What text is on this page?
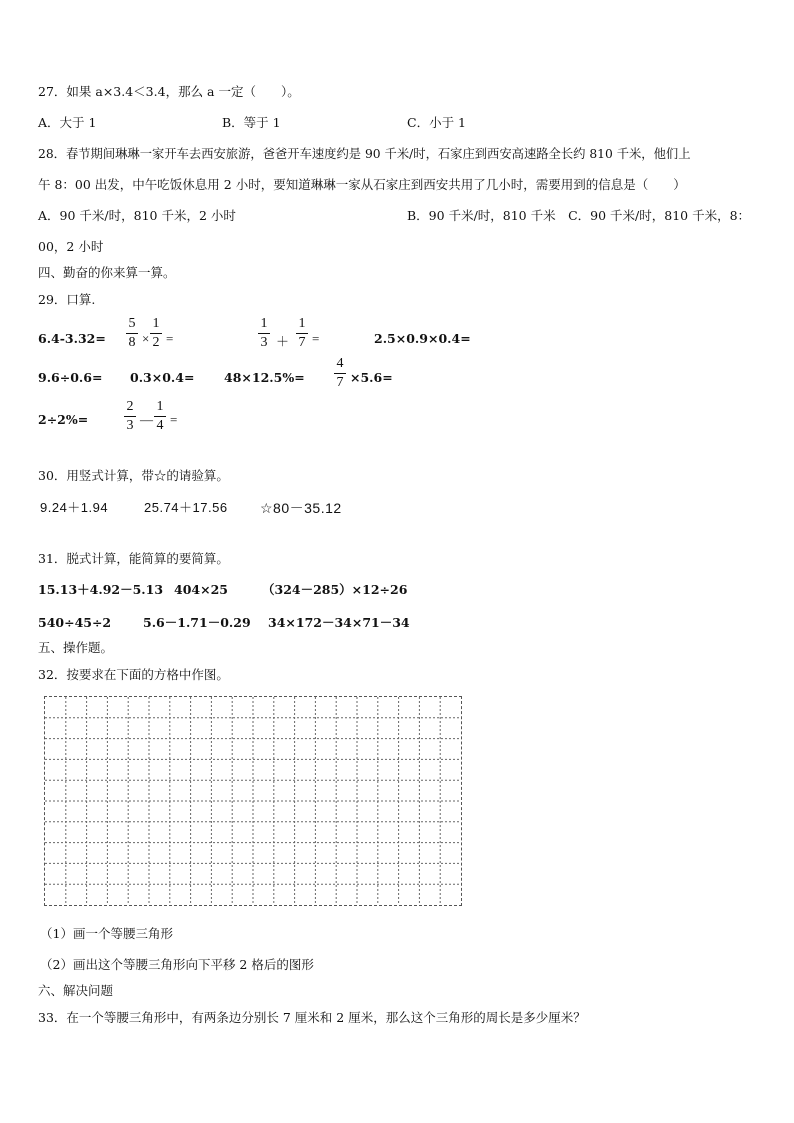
27．如果 a×3.4＜3.4，那么 a 一定（　　）。
A．大于 1	B．等于 1	C．小于 1
28．春节期间琳琳一家开车去西安旅游，爸爸开车速度约是 90 千米/时，石家庄到西安高速路全长约 810 千米，他们上
午 8：00 出发，中午吃饭休息用 2 小时，要知道琳琳一家从石家庄到西安共用了几小时，需要用到的信息是（　　）
A．90 千米/时，810 千米，2 小时	B．90 千米/时，810 千米　C．90 千米/时，810 千米，8：
00，2 小时
四、勤奋的你来算一算。
29．口算.
6.4-3.32=
5
8 ×
1
2 =
1
3 ＋
1
7 =	2.5×0.9×0.4=
9.6÷0.6= 0.3×0.4= 48×12.5%=
4
7 ×5.6=
2÷2%=
2
3 —
1
4 =
30．用竖式计算，带☆的请验算。
9.24＋1.94	25.74＋17.56 ☆80－35.12
31．脱式计算，能简算的要简算。
15.13＋4.92－5.13 404×25	（324－285）×12÷26
540÷45÷2	5.6－1.71－0.29 34×172－34×71－34
五、操作题。
32．按要求在下面的方格中作图。
（1）画一个等腰三角形
（2）画出这个等腰三角形向下平移 2 格后的图形
六、解决问题
33．在一个等腰三角形中，有两条边分别长 7 厘米和 2 厘米，那么这个三角形的周长是多少厘米？
